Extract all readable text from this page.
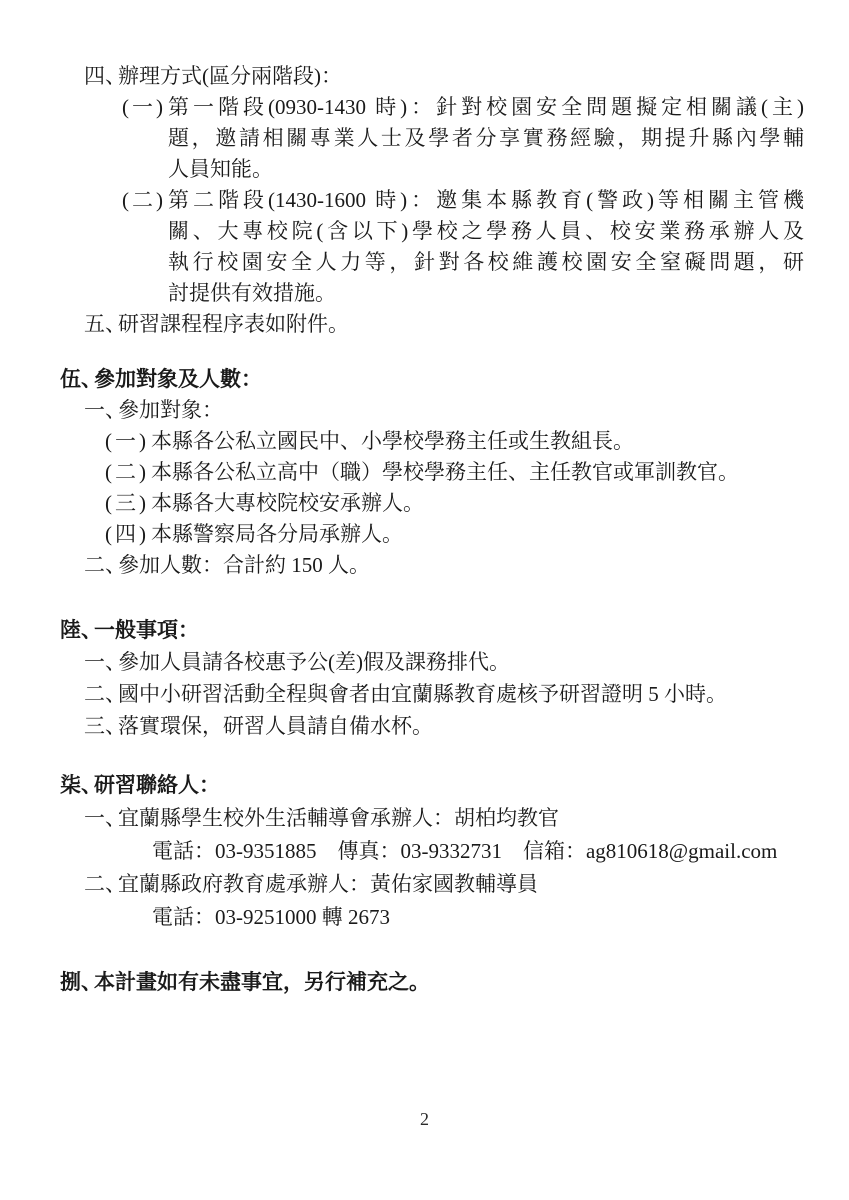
四、
辦理方式(區分兩階段)：
(一) 第一階段(0930-1430 時)：針對校園安全問題擬定相關議(主)
題，邀請相關專業人士及學者分享實務經驗，期提升縣內學輔
人員知能。
(二) 第二階段(1430-1600 時)：邀集本縣教育(警政)等相關主管機
關、大專校院(含以下)學校之學務人員、校安業務承辦人及
執行校園安全人力等，針對各校維護校園安全窒礙問題，研
討提供有效措施。
五、
研習課程程序表如附件。
伍、
參加對象及人數：
一、
參加對象：
(一) 本縣各公私立國民中、小學校學務主任或生教組長。
(二) 本縣各公私立高中（職）學校學務主任、主任教官或軍訓教官。
(三) 本縣各大專校院校安承辦人。
(四) 本縣警察局各分局承辦人。
二、
參加人數：合計約 150 人。
陸、
一般事項：
一、
參加人員請各校惠予公(差)假及課務排代。
二、
國中小研習活動全程與會者由宜蘭縣教育處核予研習證明 5 小時。
三、
落實環保，研習人員請自備水杯。
柒、
研習聯絡人：
一、
宜蘭縣學生校外生活輔導會承辦人：胡柏均教官
電話：03-9351885　傳真：03-9332731　信箱：ag810618@gmail.com
二、
宜蘭縣政府教育處承辦人：黃佑家國教輔導員
電話：03-9251000 轉 2673
捌、
本計畫如有未盡事宜，另行補充之。
2
